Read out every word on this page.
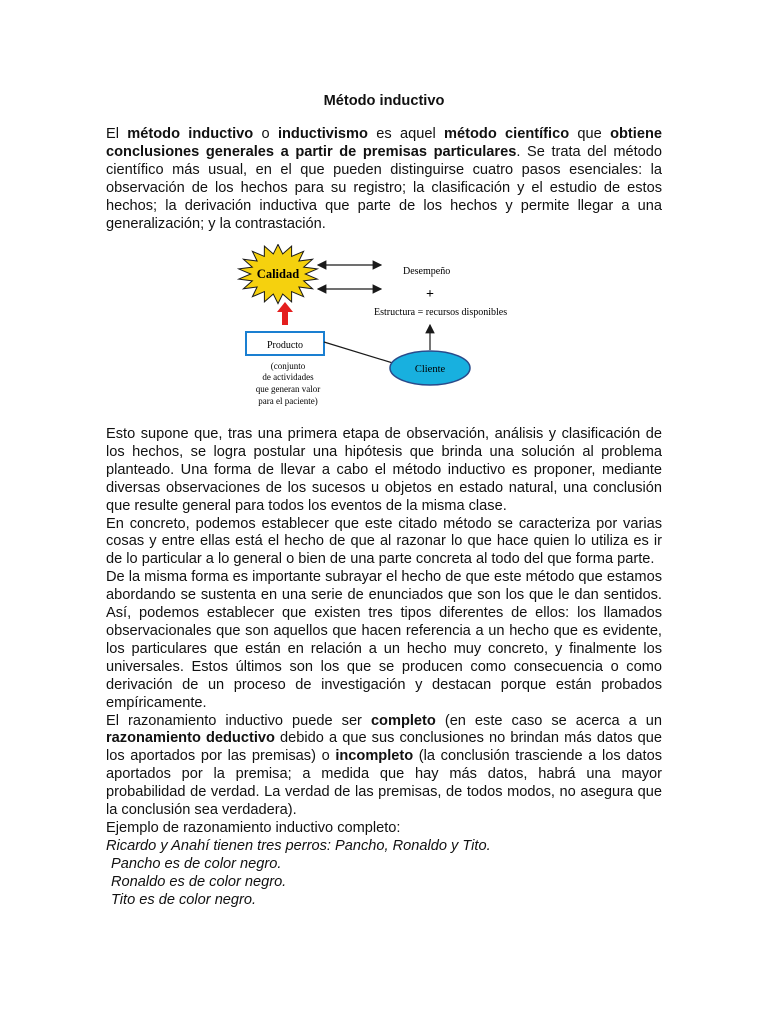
Método inductivo

El método inductivo o inductivismo es aquel método científico que obtiene conclusiones generales a partir de premisas particulares. Se trata del método científico más usual, en el que pueden distinguirse cuatro pasos esenciales: la observación de los hechos para su registro; la clasificación y el estudio de estos hechos; la derivación inductiva que parte de los hechos y permite llegar a una generalización; y la contrastación.

Calidad	Desempeño
+
Estructura = recursos disponibles
Producto
Cliente
(conjunto
de actividades
que generan valor
para el paciente)

Esto supone que, tras una primera etapa de observación, análisis y clasificación de los hechos, se logra postular una hipótesis que brinda una solución al problema planteado. Una forma de llevar a cabo el método inductivo es proponer, mediante diversas observaciones de los sucesos u objetos en estado natural, una conclusión que resulte general para todos los eventos de la misma clase.

En concreto, podemos establecer que este citado método se caracteriza por varias cosas y entre ellas está el hecho de que al razonar lo que hace quien lo utiliza es ir de lo particular a lo general o bien de una parte concreta al todo del que forma parte.

De la misma forma es importante subrayar el hecho de que este método que estamos abordando se sustenta en una serie de enunciados que son los que le dan sentidos. Así, podemos establecer que existen tres tipos diferentes de ellos: los llamados observacionales que son aquellos que hacen referencia a un hecho que es evidente, los particulares que están en relación a un hecho muy concreto, y finalmente los universales. Estos últimos son los que se producen como consecuencia o como derivación de un proceso de investigación y destacan porque están probados empíricamente.

El razonamiento inductivo puede ser completo (en este caso se acerca a un razonamiento deductivo debido a que sus conclusiones no brindan más datos que los aportados por las premisas) o incompleto (la conclusión trasciende a los datos aportados por la premisa; a medida que hay más datos, habrá una mayor probabilidad de verdad. La verdad de las premisas, de todos modos, no asegura que la conclusión sea verdadera).

Ejemplo de razonamiento inductivo completo:

Ricardo y Anahí tienen tres perros: Pancho, Ronaldo y Tito.

Pancho es de color negro.

Ronaldo es de color negro.

Tito es de color negro.
